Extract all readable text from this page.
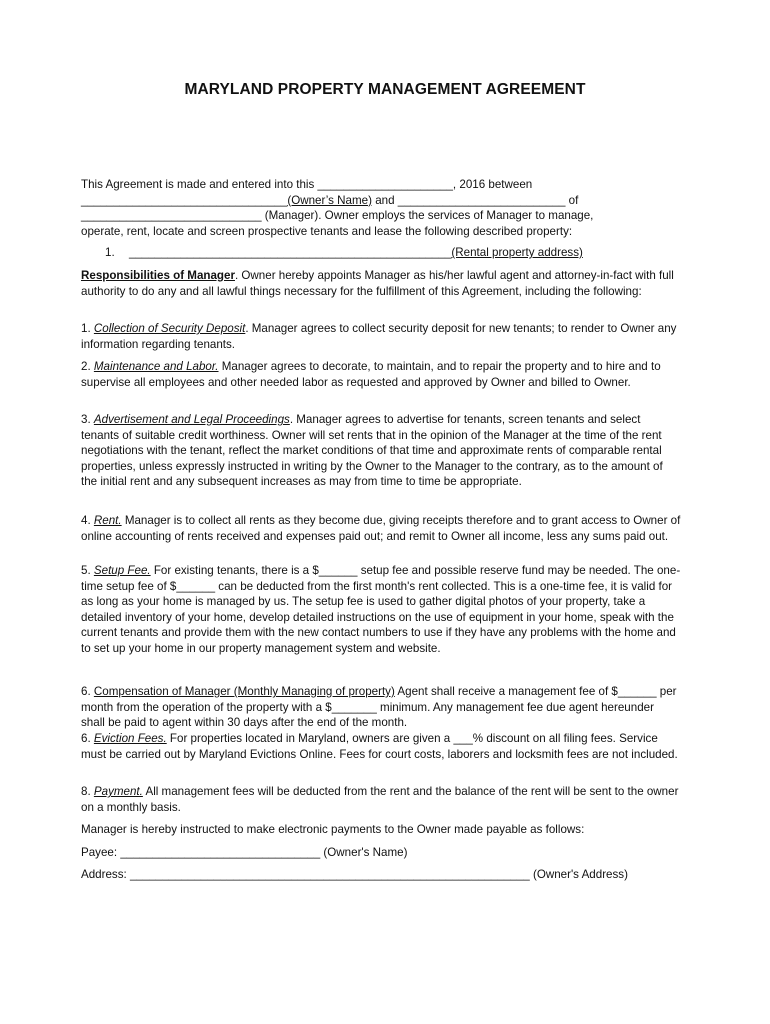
MARYLAND PROPERTY MANAGEMENT AGREEMENT

This Agreement is made and entered into this _____________________, 2016 between
________________________________(Owner’s Name) and __________________________ of
____________________________ (Manager). Owner employs the services of Manager to manage,
operate, rent, locate and screen prospective tenants and lease the following described property:

1. __________________________________________________(Rental property address)

Responsibilities of Manager. Owner hereby appoints Manager as his/her lawful agent and attorney-in-fact with full authority to do any and all lawful things necessary for the fulfillment of this Agreement, including the following:

1. Collection of Security Deposit. Manager agrees to collect security deposit for new tenants; to render to Owner any information regarding tenants.

2. Maintenance and Labor. Manager agrees to decorate, to maintain, and to repair the property and to hire and to supervise all employees and other needed labor as requested and approved by Owner and billed to Owner.

3. Advertisement and Legal Proceedings. Manager agrees to advertise for tenants, screen tenants and select tenants of suitable credit worthiness. Owner will set rents that in the opinion of the Manager at the time of the rent negotiations with the tenant, reflect the market conditions of that time and approximate rents of comparable rental properties, unless expressly instructed in writing by the Owner to the Manager to the contrary, as to the amount of the initial rent and any subsequent increases as may from time to time be appropriate.

4. Rent. Manager is to collect all rents as they become due, giving receipts therefore and to grant access to Owner of online accounting of rents received and expenses paid out; and remit to Owner all income, less any sums paid out.

5. Setup Fee. For existing tenants, there is a $______ setup fee and possible reserve fund may be needed. The one-time setup fee of $______ can be deducted from the first month's rent collected. This is a one-time fee, it is valid for as long as your home is managed by us. The setup fee is used to gather digital photos of your property, take a detailed inventory of your home, develop detailed instructions on the use of equipment in your home, speak with the current tenants and provide them with the new contact numbers to use if they have any problems with the home and to set up your home in our property management system and website.

6. Compensation of Manager (Monthly Managing of property) Agent shall receive a management fee of $______ per month from the operation of the property with a $_______ minimum. Any management fee due agent hereunder shall be paid to agent within 30 days after the end of the month.

6. Eviction Fees. For properties located in Maryland, owners are given a ___% discount on all filing fees. Service must be carried out by Maryland Evictions Online. Fees for court costs, laborers and locksmith fees are not included.

8. Payment. All management fees will be deducted from the rent and the balance of the rent will be sent to the owner on a monthly basis.

Manager is hereby instructed to make electronic payments to the Owner made payable as follows:

Payee: _______________________________ (Owner's Name)

Address: ______________________________________________________________ (Owner's Address)
